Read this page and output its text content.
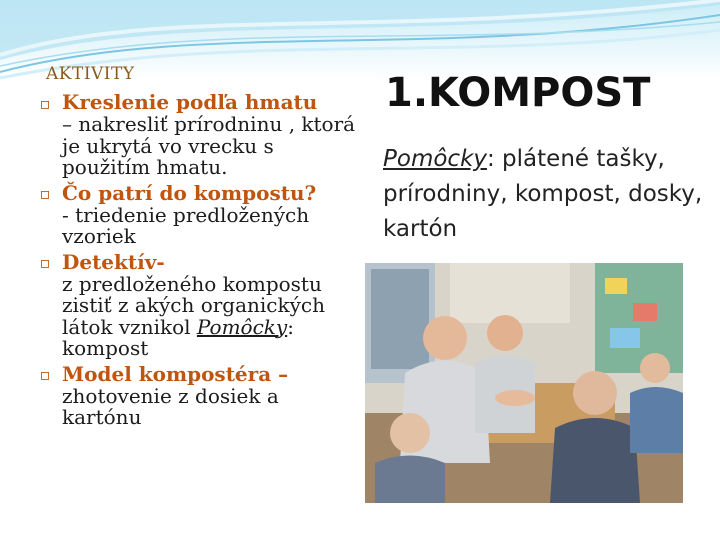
AKTIVITY
▫ Kreslenie podľa hmatu
– nakresliť prírodninu , ktorá je ukrytá vo vrecku s použitím hmatu.
▫ Čo patrí do kompostu?
- triedenie predložených vzoriek
▫ Detektív-
z predloženého kompostu zistiť z akých organických látok vznikol Pomôcky: kompost
▫ Model kompostéra –
zhotovenie z dosiek a kartónu
1.KOMPOST
Pomôcky: plátené tašky, prírodniny, kompost, dosky, kartón
